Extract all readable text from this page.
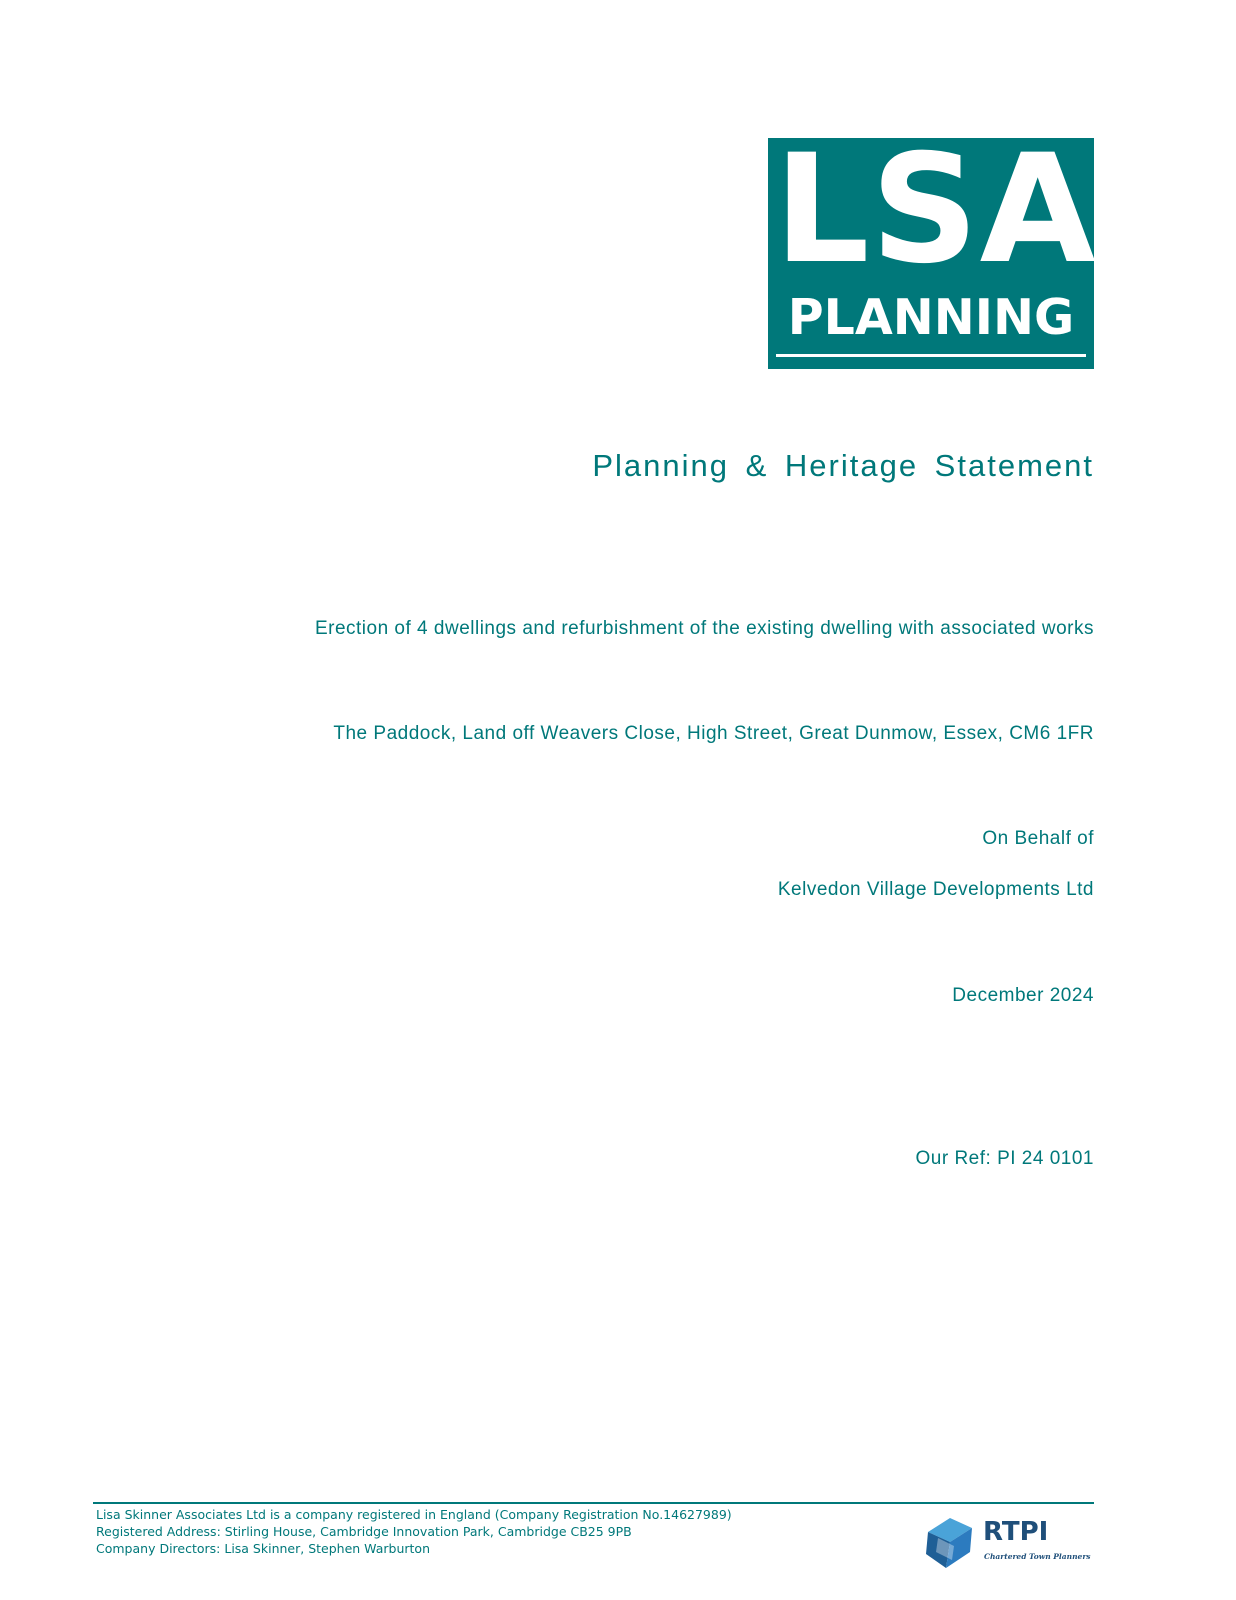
LSA
PLANNING
Planning & Heritage Statement
Erection of 4 dwellings and refurbishment of the existing dwelling with associated works
The Paddock, Land off Weavers Close, High Street, Great Dunmow, Essex, CM6 1FR
On Behalf of
Kelvedon Village Developments Ltd
December 2024
Our Ref: PI 24 0101
Lisa Skinner Associates Ltd is a company registered in England (Company Registration No.14627989)
Registered Address: Stirling House, Cambridge Innovation Park, Cambridge CB25 9PB
Company Directors: Lisa Skinner, Stephen Warburton
RTPI
Chartered Town Planners
